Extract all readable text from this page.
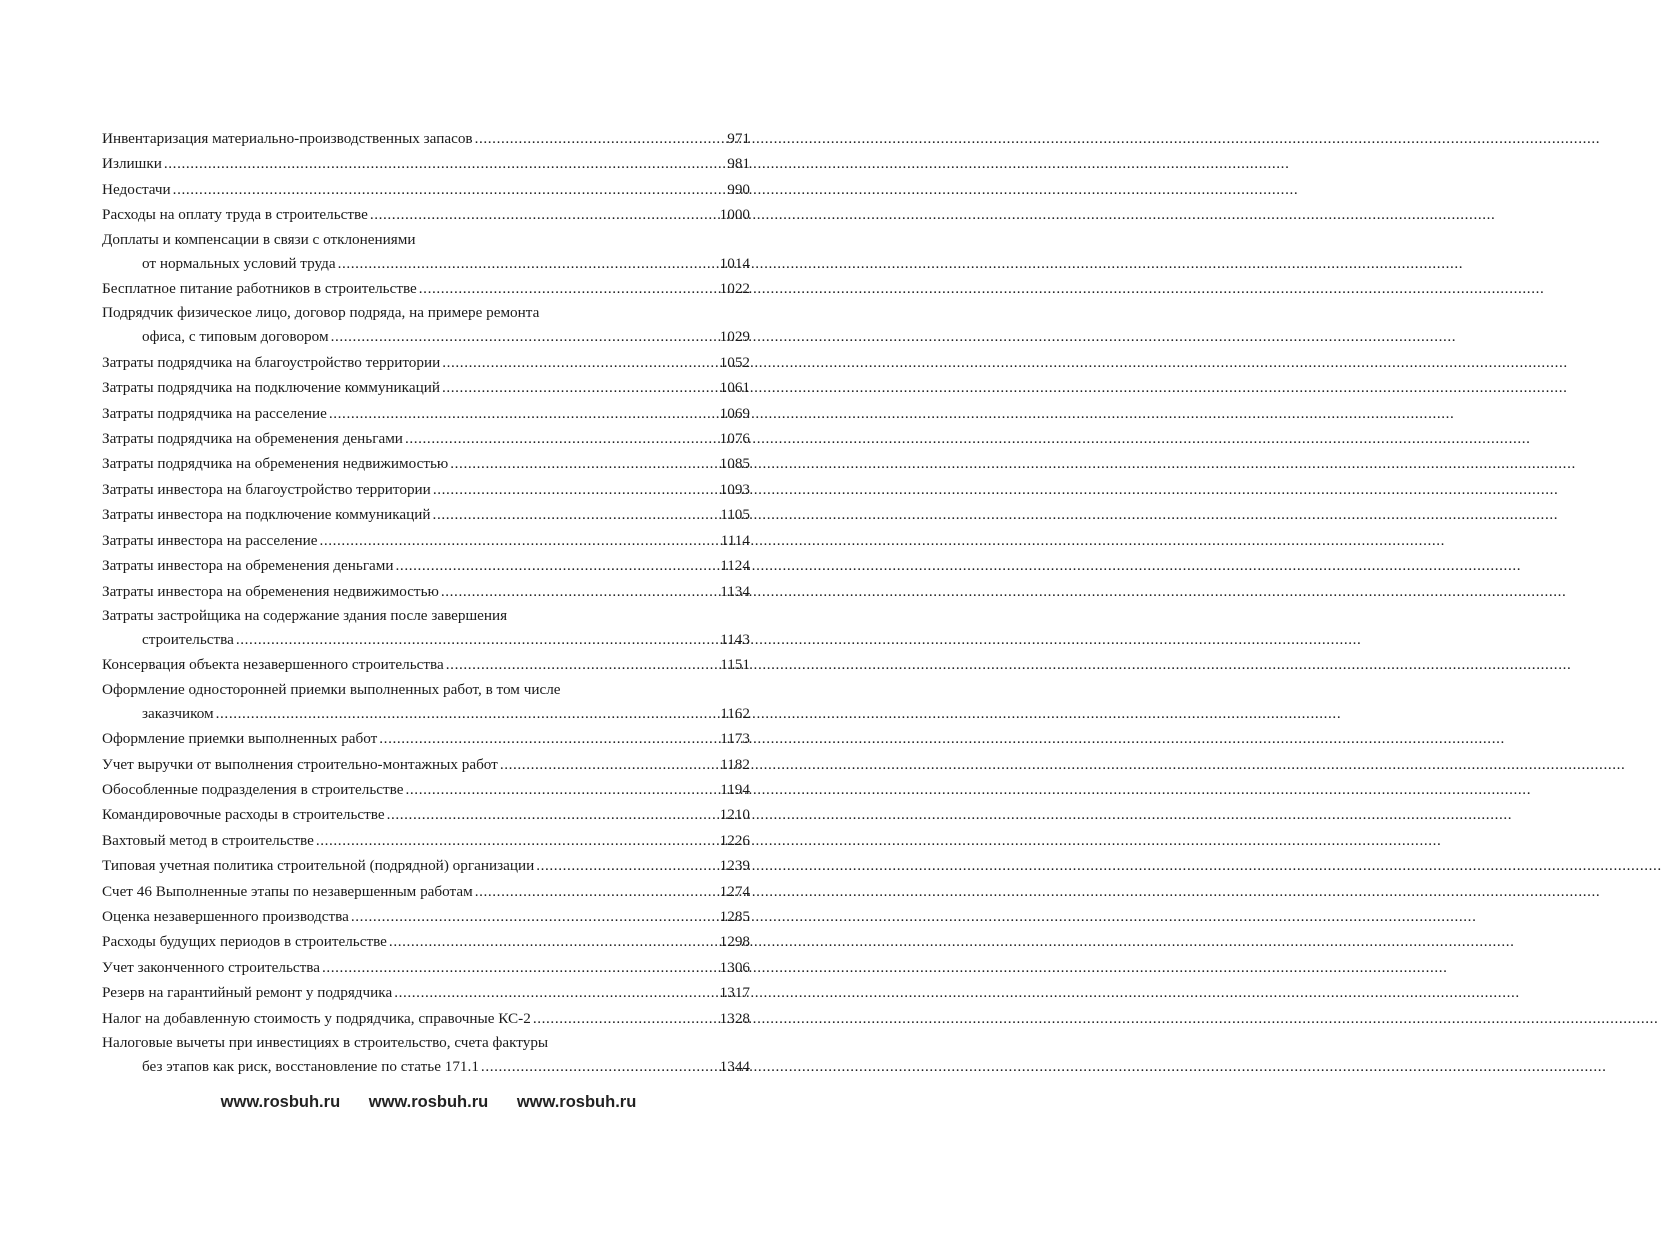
Инвентаризация материально-производственных запасов .....	971
Излишки .....	981
Недостачи .....	990
Расходы на оплату труда в строительстве .....	1000
Доплаты и компенсации в связи с отклонениями
от нормальных условий труда .....	1014
Бесплатное питание работников в строительстве .....	1022
Подрядчик физическое лицо, договор подряда, на примере ремонта
офиса, с типовым договором .....	1029
Затраты подрядчика на благоустройство территории .....	1052
Затраты подрядчика на подключение коммуникаций .....	1061
Затраты подрядчика на расселение .....	1069
Затраты подрядчика на обременения деньгами .....	1076
Затраты подрядчика на обременения недвижимостью .....	1085
Затраты инвестора на благоустройство территории .....	1093
Затраты инвестора на подключение коммуникаций .....	1105
Затраты инвестора на расселение .....	1114
Затраты инвестора на обременения деньгами .....	1124
Затраты инвестора на обременения недвижимостью .....	1134
Затраты застройщика на содержание здания после завершения
строительства .....	1143
Консервация объекта незавершенного строительства .....	1151
Оформление односторонней приемки выполненных работ, в том числе
заказчиком .....	1162
Оформление приемки выполненных работ .....	1173
Учет выручки от выполнения строительно-монтажных работ .....	1182
Обособленные подразделения в строительстве .....	1194
Командировочные расходы в строительстве .....	1210
Вахтовый метод в строительстве .....	1226
Типовая учетная политика строительной (подрядной) организации .....	1239
Счет 46 Выполненные этапы по незавершенным работам .....	1274
Оценка незавершенного производства .....	1285
Расходы будущих периодов в строительстве .....	1298
Учет законченного строительства .....	1306
Резерв на гарантийный ремонт у подрядчика .....	1317
Налог на добавленную стоимость у подрядчика, справочные КС-2 .....	1328
Налоговые вычеты при инвестициях в строительство, счета фактуры
без этапов как риск, восстановление по статье 171.1 .....	1344
www.rosbuh.ru www.rosbuh.ru www.rosbuh.ru
